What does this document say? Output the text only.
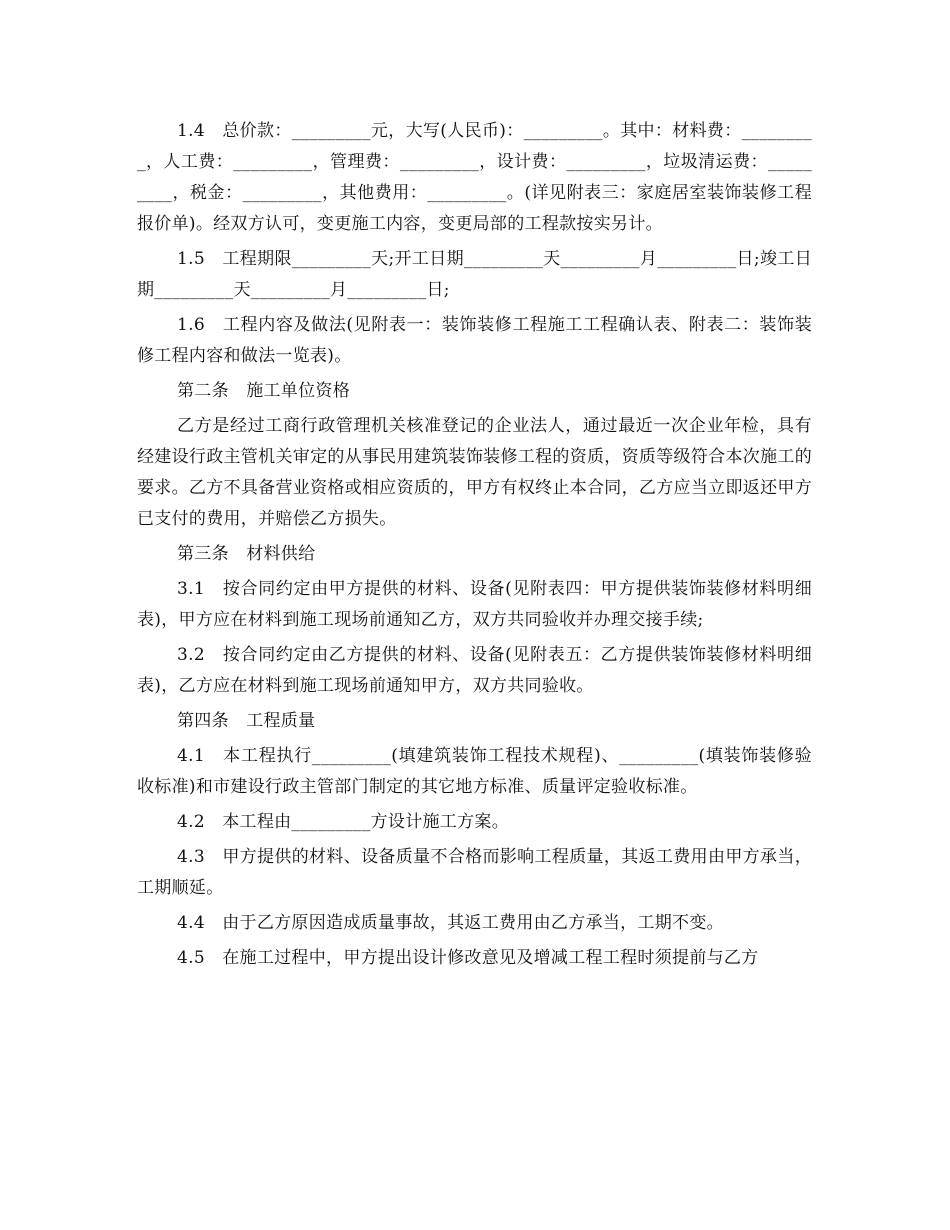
1.4　总价款：_________元，大写(人民币)：_________。其中：材料费：_________，人工费：_________，管理费：_________，设计费：_________，垃圾清运费：_________，税金：_________，其他费用：_________。(详见附表三：家庭居室装饰装修工程报价单)。经双方认可，变更施工内容，变更局部的工程款按实另计。

1.5　工程期限_________天;开工日期_________天_________月_________日;竣工日期_________天_________月_________日;

1.6　工程内容及做法(见附表一：装饰装修工程施工工程确认表、附表二：装饰装修工程内容和做法一览表)。

第二条　施工单位资格

乙方是经过工商行政管理机关核准登记的企业法人，通过最近一次企业年检，具有经建设行政主管机关审定的从事民用建筑装饰装修工程的资质，资质等级符合本次施工的要求。乙方不具备营业资格或相应资质的，甲方有权终止本合同，乙方应当立即返还甲方已支付的费用，并赔偿乙方损失。

第三条　材料供给

3.1　按合同约定由甲方提供的材料、设备(见附表四：甲方提供装饰装修材料明细表)，甲方应在材料到施工现场前通知乙方，双方共同验收并办理交接手续;

3.2　按合同约定由乙方提供的材料、设备(见附表五：乙方提供装饰装修材料明细表)，乙方应在材料到施工现场前通知甲方，双方共同验收。

第四条　工程质量

4.1　本工程执行_________(填建筑装饰工程技术规程)、_________(填装饰装修验收标准)和市建设行政主管部门制定的其它地方标准、质量评定验收标准。

4.2　本工程由_________方设计施工方案。

4.3　甲方提供的材料、设备质量不合格而影响工程质量，其返工费用由甲方承当，工期顺延。

4.4　由于乙方原因造成质量事故，其返工费用由乙方承当，工期不变。

4.5　在施工过程中，甲方提出设计修改意见及增减工程工程时须提前与乙方
